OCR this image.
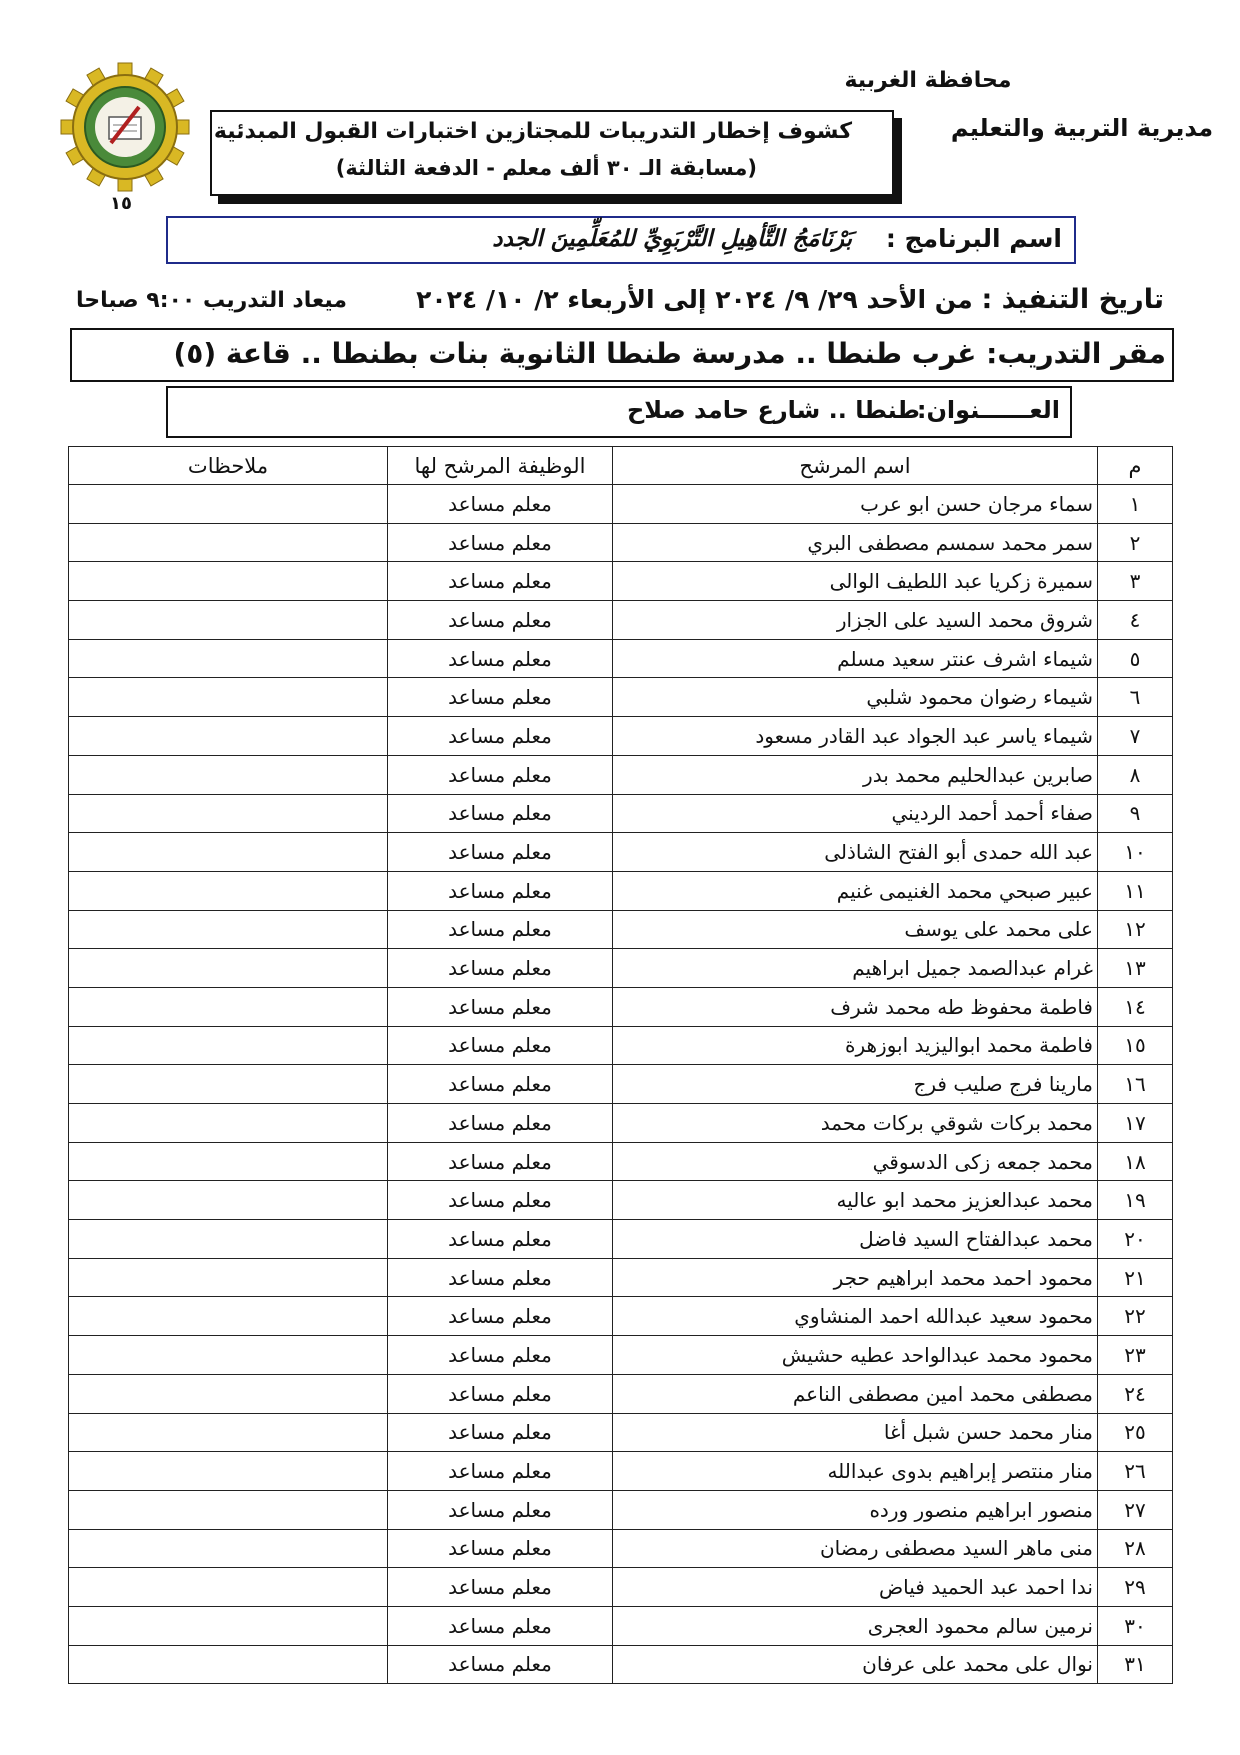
محافظة الغربية
مديرية التربية والتعليم
كشوف إخطار التدريبات للمجتازين اختبارات القبول المبدئية
(مسابقة الـ ٣٠ ألف معلم - الدفعة الثالثة)
١٥
اسم البرنامج :
بَرْنَامَجُ التَّأهِيلِ التَّرْبَوِيِّ للمُعَلِّمِينَ الجدد
تاريخ التنفيذ : من الأحد ٢٩/ ٩/ ٢٠٢٤ إلى الأربعاء ٢/ ١٠/ ٢٠٢٤
ميعاد التدريب ٩:٠٠ صباحا
مقر التدريب: غرب طنطا .. مدرسة طنطا الثانوية بنات بطنطا .. قاعة (٥)
العــــــنوان:
طنطا .. شارع حامد صلاح
م	اسم المرشح	الوظيفة المرشح لها	ملاحظات
١	سماء مرجان حسن ابو عرب	معلم مساعد	
٢	سمر محمد سمسم مصطفى البري	معلم مساعد	
٣	سميرة زكريا عبد اللطيف الوالى	معلم مساعد	
٤	شروق محمد السيد على الجزار	معلم مساعد	
٥	شيماء اشرف عنتر سعيد مسلم	معلم مساعد	
٦	شيماء رضوان محمود شلبي	معلم مساعد	
٧	شيماء ياسر عبد الجواد عبد القادر مسعود	معلم مساعد	
٨	صابرين عبدالحليم محمد بدر	معلم مساعد	
٩	صفاء أحمد أحمد الرديني	معلم مساعد	
١٠	عبد الله حمدى أبو الفتح الشاذلى	معلم مساعد	
١١	عبير صبحي محمد الغنيمى غنيم	معلم مساعد	
١٢	على محمد على يوسف	معلم مساعد	
١٣	غرام عبدالصمد جميل ابراهيم	معلم مساعد	
١٤	فاطمة محفوظ طه محمد شرف	معلم مساعد	
١٥	فاطمة محمد ابواليزيد ابوزهرة	معلم مساعد	
١٦	مارينا فرج صليب فرج	معلم مساعد	
١٧	محمد بركات شوقي بركات محمد	معلم مساعد	
١٨	محمد جمعه زكى الدسوقي	معلم مساعد	
١٩	محمد عبدالعزيز محمد ابو عاليه	معلم مساعد	
٢٠	محمد عبدالفتاح السيد فاضل	معلم مساعد	
٢١	محمود احمد محمد ابراهيم حجر	معلم مساعد	
٢٢	محمود سعيد عبدالله احمد المنشاوي	معلم مساعد	
٢٣	محمود محمد عبدالواحد عطيه حشيش	معلم مساعد	
٢٤	مصطفى محمد امين مصطفى الناعم	معلم مساعد	
٢٥	منار محمد حسن شبل أغا	معلم مساعد	
٢٦	منار منتصر إبراهيم بدوى عبدالله	معلم مساعد	
٢٧	منصور ابراهيم منصور ورده	معلم مساعد	
٢٨	منى ماهر السيد مصطفى رمضان	معلم مساعد	
٢٩	ندا احمد عبد الحميد فياض	معلم مساعد	
٣٠	نرمين سالم محمود العجرى	معلم مساعد	
٣١	نوال على محمد على عرفان	معلم مساعد	
